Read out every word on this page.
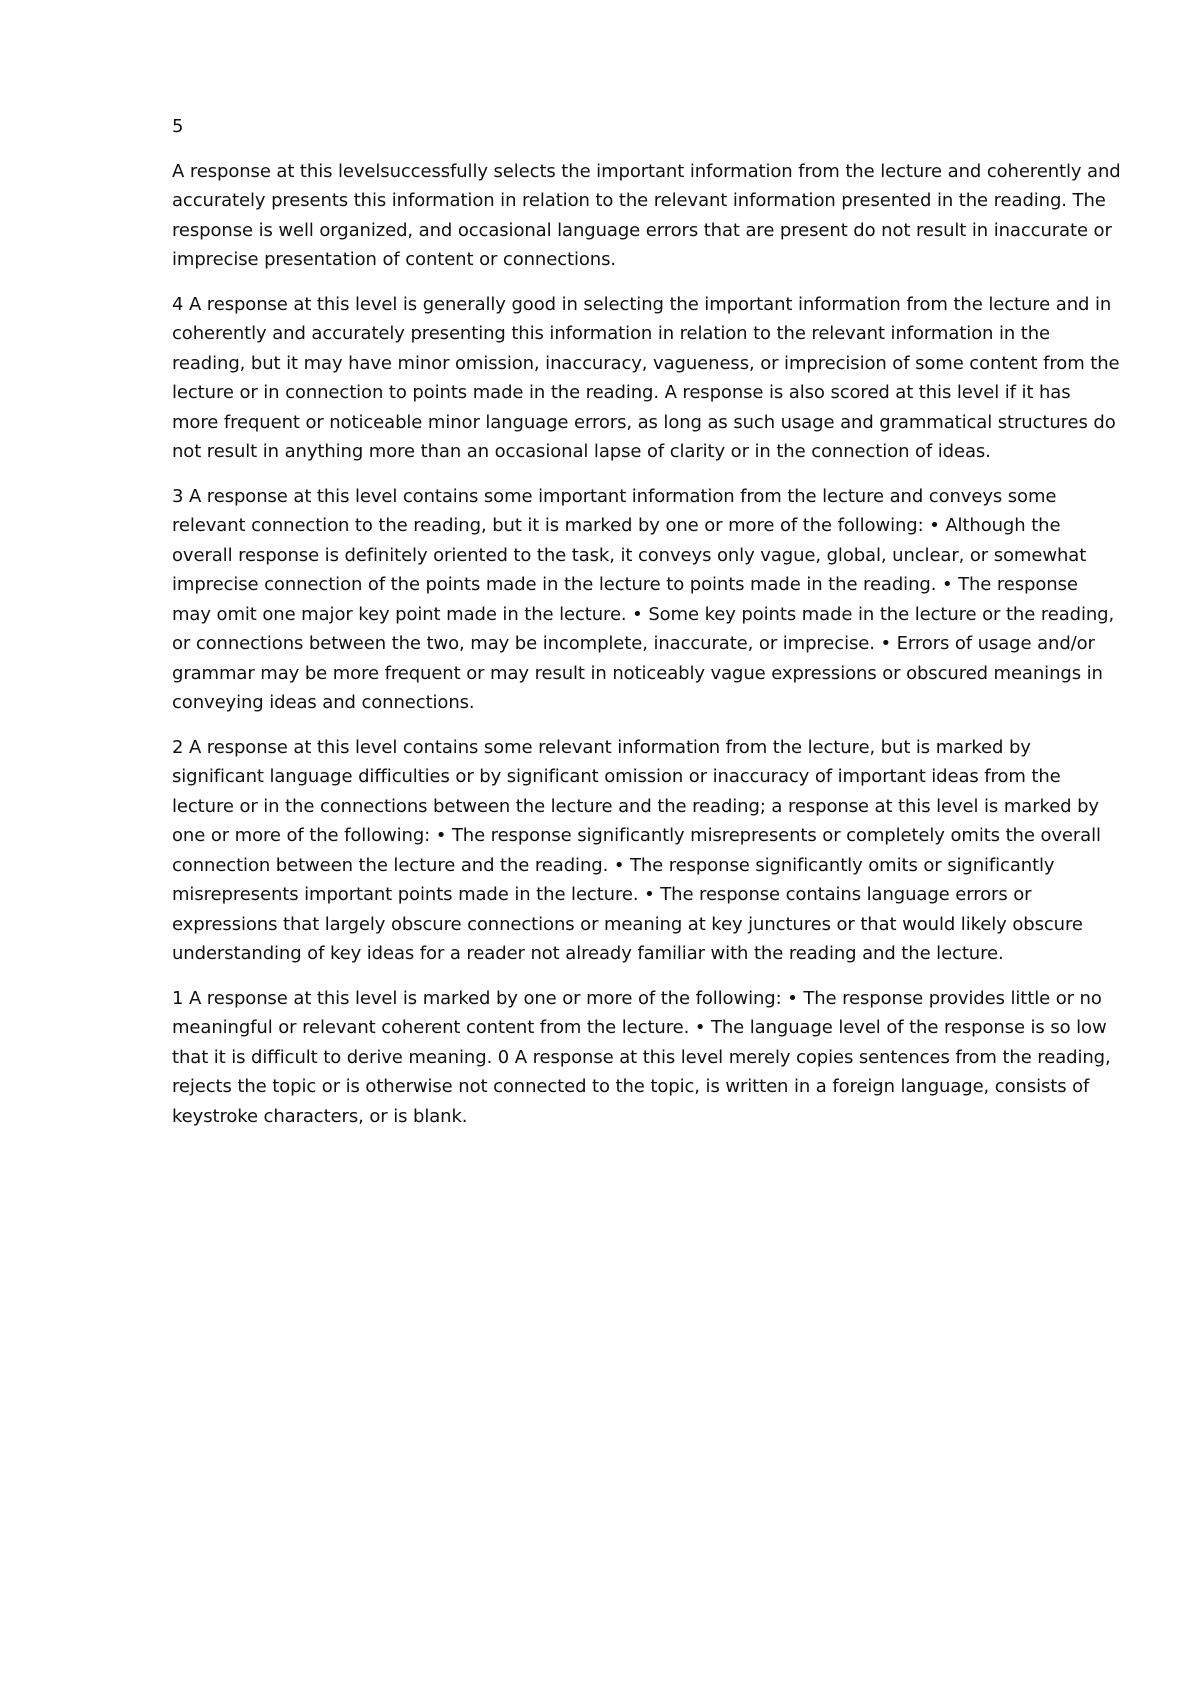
5

A response at this levelsuccessfully selects the important information from the lecture and coherently and accurately presents this information in relation to the relevant information presented in the reading. The response is well organized, and occasional language errors that are present do not result in inaccurate or imprecise presentation of content or connections.

4 A response at this level is generally good in selecting the important information from the lecture and in coherently and accurately presenting this information in relation to the relevant information in the reading, but it may have minor omission, inaccuracy, vagueness, or imprecision of some content from the lecture or in connection to points made in the reading. A response is also scored at this level if it has more frequent or noticeable minor language errors, as long as such usage and grammatical structures do not result in anything more than an occasional lapse of clarity or in the connection of ideas.

3 A response at this level contains some important information from the lecture and conveys some relevant connection to the reading, but it is marked by one or more of the following: • Although the overall response is definitely oriented to the task, it conveys only vague, global, unclear, or somewhat imprecise connection of the points made in the lecture to points made in the reading. • The response may omit one major key point made in the lecture. • Some key points made in the lecture or the reading, or connections between the two, may be incomplete, inaccurate, or imprecise. • Errors of usage and/or grammar may be more frequent or may result in noticeably vague expressions or obscured meanings in conveying ideas and connections.

2 A response at this level contains some relevant information from the lecture, but is marked by significant language difficulties or by significant omission or inaccuracy of important ideas from the lecture or in the connections between the lecture and the reading; a response at this level is marked by one or more of the following: • The response significantly misrepresents or completely omits the overall connection between the lecture and the reading. • The response significantly omits or significantly misrepresents important points made in the lecture. • The response contains language errors or expressions that largely obscure connections or meaning at key junctures or that would likely obscure understanding of key ideas for a reader not already familiar with the reading and the lecture.

1 A response at this level is marked by one or more of the following: • The response provides little or no meaningful or relevant coherent content from the lecture. • The language level of the response is so low that it is difficult to derive meaning. 0 A response at this level merely copies sentences from the reading, rejects the topic or is otherwise not connected to the topic, is written in a foreign language, consists of keystroke characters, or is blank.
